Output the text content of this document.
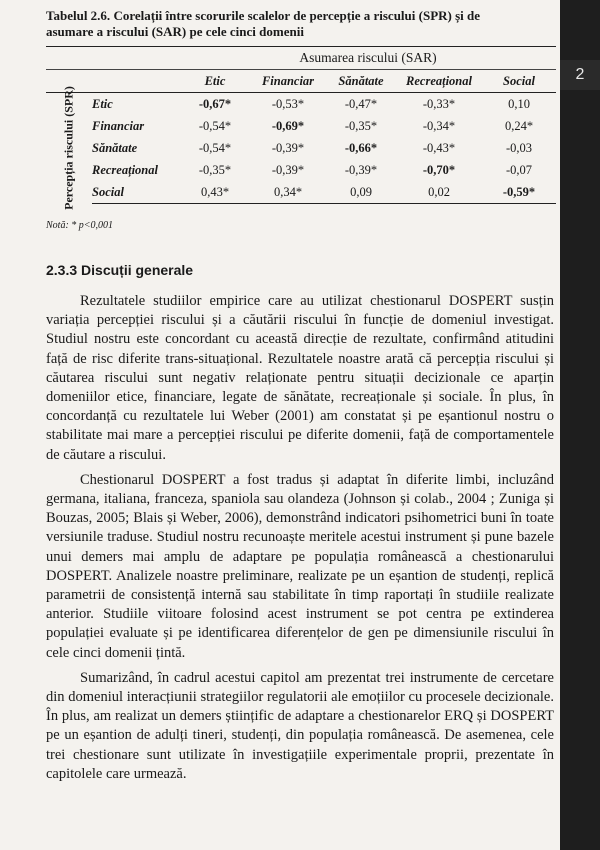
Tabelul 2.6. Corelații între scorurile scalelor de percepție a riscului (SPR) și de asumare a riscului (SAR) pe cele cinci domenii
		Asumarea riscului (SAR)				
		Etic	Financiar	Sănătate	Recreațional	Social

Percepția riscului (SPR)	Etic	-0,67*	-0,53*	-0,47*	-0,33*	0,10
	Financiar	-0,54*	-0,69*	-0,35*	-0,34*	0,24*
	Sănătate	-0,54*	-0,39*	-0,66*	-0,43*	-0,03
	Recreațional	-0,35*	-0,39*	-0,39*	-0,70*	-0,07
	Social	0,43*	0,34*	0,09	0,02	-0,59*
Notă: * p<0,001
2.3.3 Discuții generale

Rezultatele studiilor empirice care au utilizat chestionarul DOSPERT susțin variația percepției riscului și a căutării riscului în funcție de domeniul investigat. Studiul nostru este concordant cu această direcție de rezultate, confirmând atitudini față de risc diferite trans-situațional. Rezultatele noastre arată că percepția riscului și căutarea riscului sunt negativ relaționate pentru situații decizionale ce aparțin domeniilor etice, financiare, legate de sănătate, recreaționale și sociale. În plus, în concordanță cu rezultatele lui Weber (2001) am constatat și pe eșantionul nostru o stabilitate mai mare a percepției riscului pe diferite domenii, față de comportamentele de căutare a riscului.

Chestionarul DOSPERT a fost tradus și adaptat în diferite limbi, incluzând germana, italiana, franceza, spaniola sau olandeza (Johnson și colab., 2004 ; Zuniga și Bouzas, 2005; Blais și Weber, 2006), demonstrând indicatori psihometrici buni în toate versiunile traduse. Studiul nostru recunoaște meritele acestui instrument și pune bazele unui demers mai amplu de adaptare pe populația românească a chestionarului DOSPERT. Analizele noastre preliminare, realizate pe un eșantion de studenți, replică parametrii de consistență internă sau stabilitate în timp raportați în studiile realizate anterior. Studiile viitoare folosind acest instrument se pot centra pe extinderea populației evaluate și pe identificarea diferențelor de gen pe dimensiunile riscului în cele cinci domenii țintă.

Sumarizând, în cadrul acestui capitol am prezentat trei instrumente de cercetare din domeniul interacțiunii strategiilor regulatorii ale emoțiilor cu procesele decizionale. În plus, am realizat un demers științific de adaptare a chestionarelor ERQ și DOSPERT pe un eșantion de adulți tineri, studenți, din populația românească. De asemenea, cele trei chestionare sunt utilizate în investigațiile experimentale proprii, prezentate în capitolele care urmează.

2
